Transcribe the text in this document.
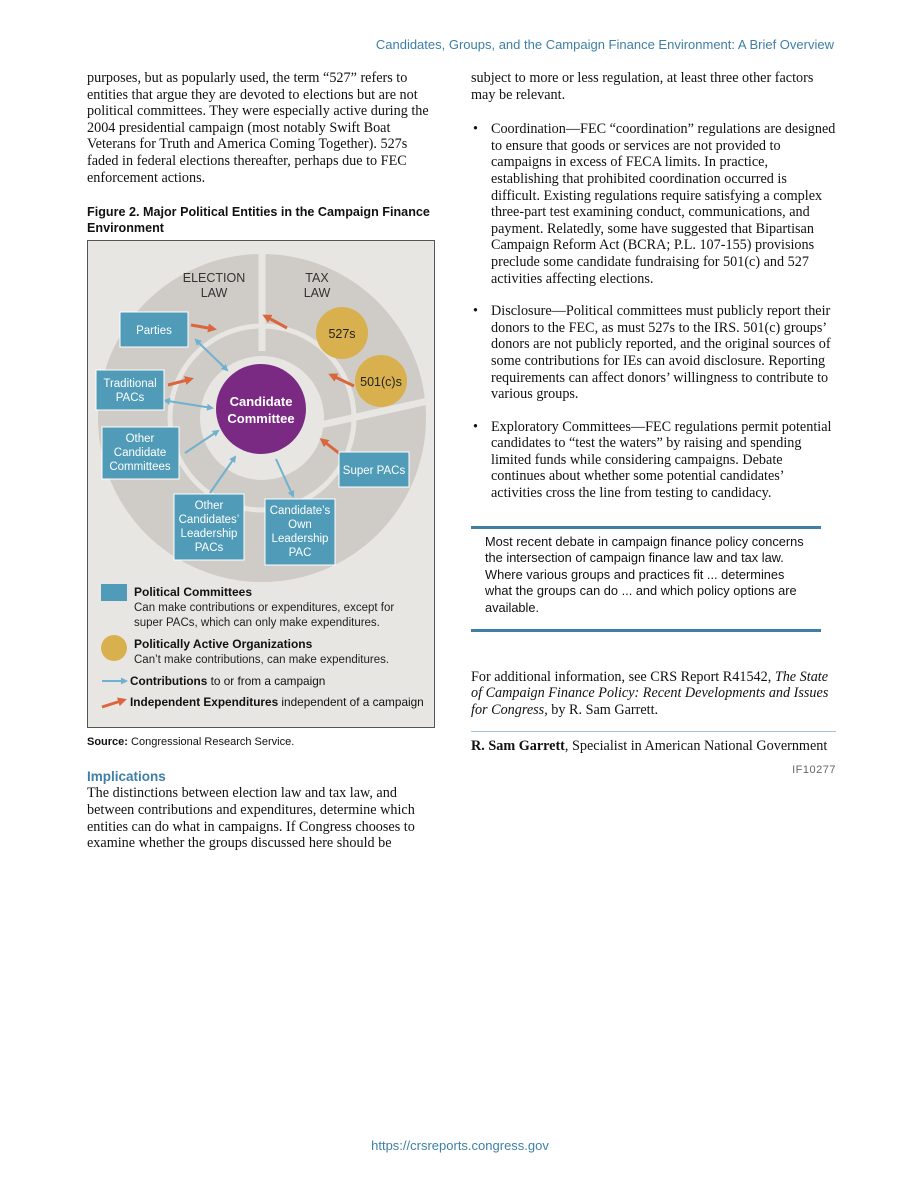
Candidates, Groups, and the Campaign Finance Environment: A Brief Overview

purposes, but as popularly used, the term “527” refers to entities that argue they are devoted to elections but are not political committees. They were especially active during the 2004 presidential campaign (most notably Swift Boat Veterans for Truth and America Coming Together). 527s faded in federal elections thereafter, perhaps due to FEC enforcement actions.

Figure 2. Major Political Entities in the Campaign Finance Environment
ELECTION
LAW
TAX
LAW
Candidate
Committee
527s
501(c)s
Parties
Traditional
PACs
Other
Candidate
Committees
Other
Candidates’
Leadership
PACs
Candidate’s
Own
Leadership
PAC
Super PACs
Political Committees
Can make contributions or expenditures, except for
super PACs, which can only make expenditures.
Politically Active Organizations
Can’t make contributions, can make expenditures.
Contributions to or from a campaign
Independent Expenditures independent of a campaign
Source: Congressional Research Service.
Implications

The distinctions between election law and tax law, and between contributions and expenditures, determine which entities can do what in campaigns. If Congress chooses to examine whether the groups discussed here should be

subject to more or less regulation, at least three other factors may be relevant.

• Coordination—FEC “coordination” regulations are designed to ensure that goods or services are not provided to campaigns in excess of FECA limits. In practice, establishing that prohibited coordination occurred is difficult. Existing regulations require satisfying a complex three-part test examining conduct, communications, and payment. Relatedly, some have suggested that Bipartisan Campaign Reform Act (BCRA; P.L. 107-155) provisions preclude some candidate fundraising for 501(c) and 527 activities affecting elections.
• Disclosure—Political committees must publicly report their donors to the FEC, as must 527s to the IRS. 501(c) groups’ donors are not publicly reported, and the original sources of some contributions for IEs can avoid disclosure. Reporting requirements can affect donors’ willingness to contribute to various groups.
• Exploratory Committees—FEC regulations permit potential candidates to “test the waters” by raising and spending limited funds while considering campaigns. Debate continues about whether some potential candidates’ activities cross the line from testing to candidacy.
Most recent debate in campaign finance policy concerns the intersection of campaign finance law and tax law. Where various groups and practices fit ... determines what the groups can do ... and which policy options are available.
For additional information, see CRS Report R41542, The State of Campaign Finance Policy: Recent Developments and Issues for Congress, by R. Sam Garrett.
R. Sam Garrett, Specialist in American National Government
IF10277
https://crsreports.congress.gov
